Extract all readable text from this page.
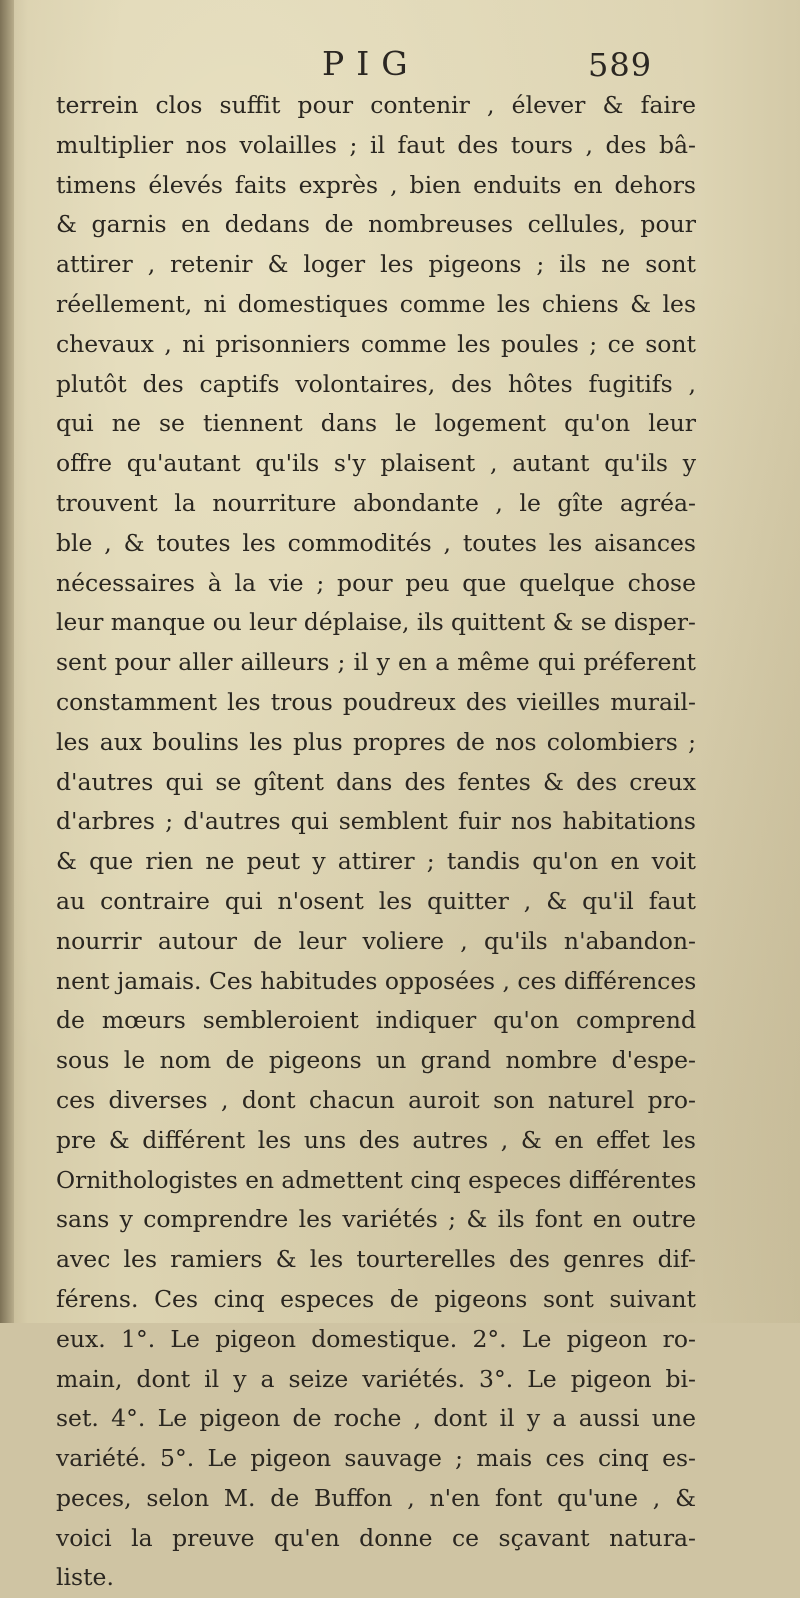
PIG	589
terrein clos suffit pour contenir , élever & faire
multiplier nos volailles ; il faut des tours , des bâ-
timens élevés faits exprès , bien enduits en dehors
& garnis en dedans de nombreuses cellules, pour
attirer , retenir & loger les pigeons ; ils ne sont
réellement, ni domestiques comme les chiens & les
chevaux , ni prisonniers comme les poules ; ce sont
plutôt des captifs volontaires, des hôtes fugitifs ,
qui ne se tiennent dans le logement qu'on leur
offre qu'autant qu'ils s'y plaisent , autant qu'ils y
trouvent la nourriture abondante , le gîte agréa-
ble , & toutes les commodités , toutes les aisances
nécessaires à la vie ; pour peu que quelque chose
leur manque ou leur déplaise, ils quittent & se disper-
sent pour aller ailleurs ; il y en a même qui préferent
constamment les trous poudreux des vieilles murail-
les aux boulins les plus propres de nos colombiers ;
d'autres qui se gîtent dans des fentes & des creux
d'arbres ; d'autres qui semblent fuir nos habitations
& que rien ne peut y attirer ; tandis qu'on en voit
au contraire qui n'osent les quitter , & qu'il faut
nourrir autour de leur voliere , qu'ils n'abandon-
nent jamais. Ces habitudes opposées , ces différences
de mœurs sembleroient indiquer qu'on comprend
sous le nom de pigeons un grand nombre d'espe-
ces diverses , dont chacun auroit son naturel pro-
pre & différent les uns des autres , & en effet les
Ornithologistes en admettent cinq especes différentes
sans y comprendre les variétés ; & ils font en outre
avec les ramiers & les tourterelles des genres dif-
férens. Ces cinq especes de pigeons sont suivant
eux. 1°. Le pigeon domestique. 2°. Le pigeon ro-
main, dont il y a seize variétés. 3°. Le pigeon bi-
set. 4°. Le pigeon de roche , dont il y a aussi une
variété. 5°. Le pigeon sauvage ; mais ces cinq es-
peces, selon M. de Buffon , n'en font qu'une , &
voici la preuve qu'en donne ce sçavant natura-
liste.
